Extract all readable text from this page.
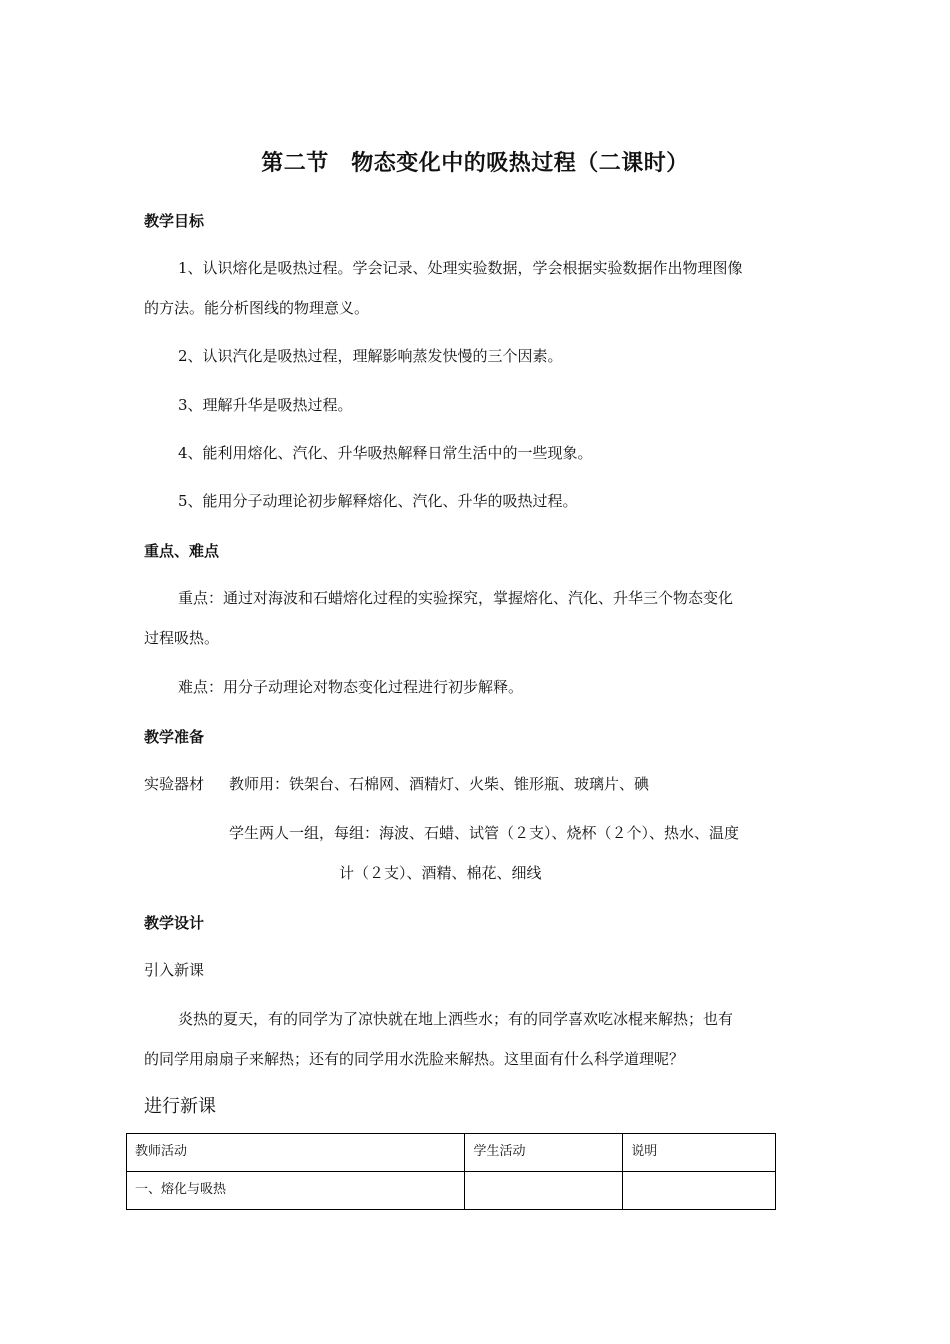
第二节　物态变化中的吸热过程（二课时）
教学目标
1、认识熔化是吸热过程。学会记录、处理实验数据，学会根据实验数据作出物理图像
的方法。能分析图线的物理意义。
2、认识汽化是吸热过程，理解影响蒸发快慢的三个因素。
3、理解升华是吸热过程。
4、能利用熔化、汽化、升华吸热解释日常生活中的一些现象。
5、能用分子动理论初步解释熔化、汽化、升华的吸热过程。
重点、难点
重点：通过对海波和石蜡熔化过程的实验探究，掌握熔化、汽化、升华三个物态变化
过程吸热。
难点：用分子动理论对物态变化过程进行初步解释。
教学准备
实验器材 教师用：铁架台、石棉网、酒精灯、火柴、锥形瓶、玻璃片、碘
学生两人一组，每组：海波、石蜡、试管（２支）、烧杯（２个）、热水、温度
计（２支）、酒精、棉花、细线
教学设计
引入新课
炎热的夏天，有的同学为了凉快就在地上洒些水；有的同学喜欢吃冰棍来解热；也有
的同学用扇扇子来解热；还有的同学用水洗脸来解热。这里面有什么科学道理呢？
进行新课
教师活动	学生活动	说明
一、熔化与吸热		
